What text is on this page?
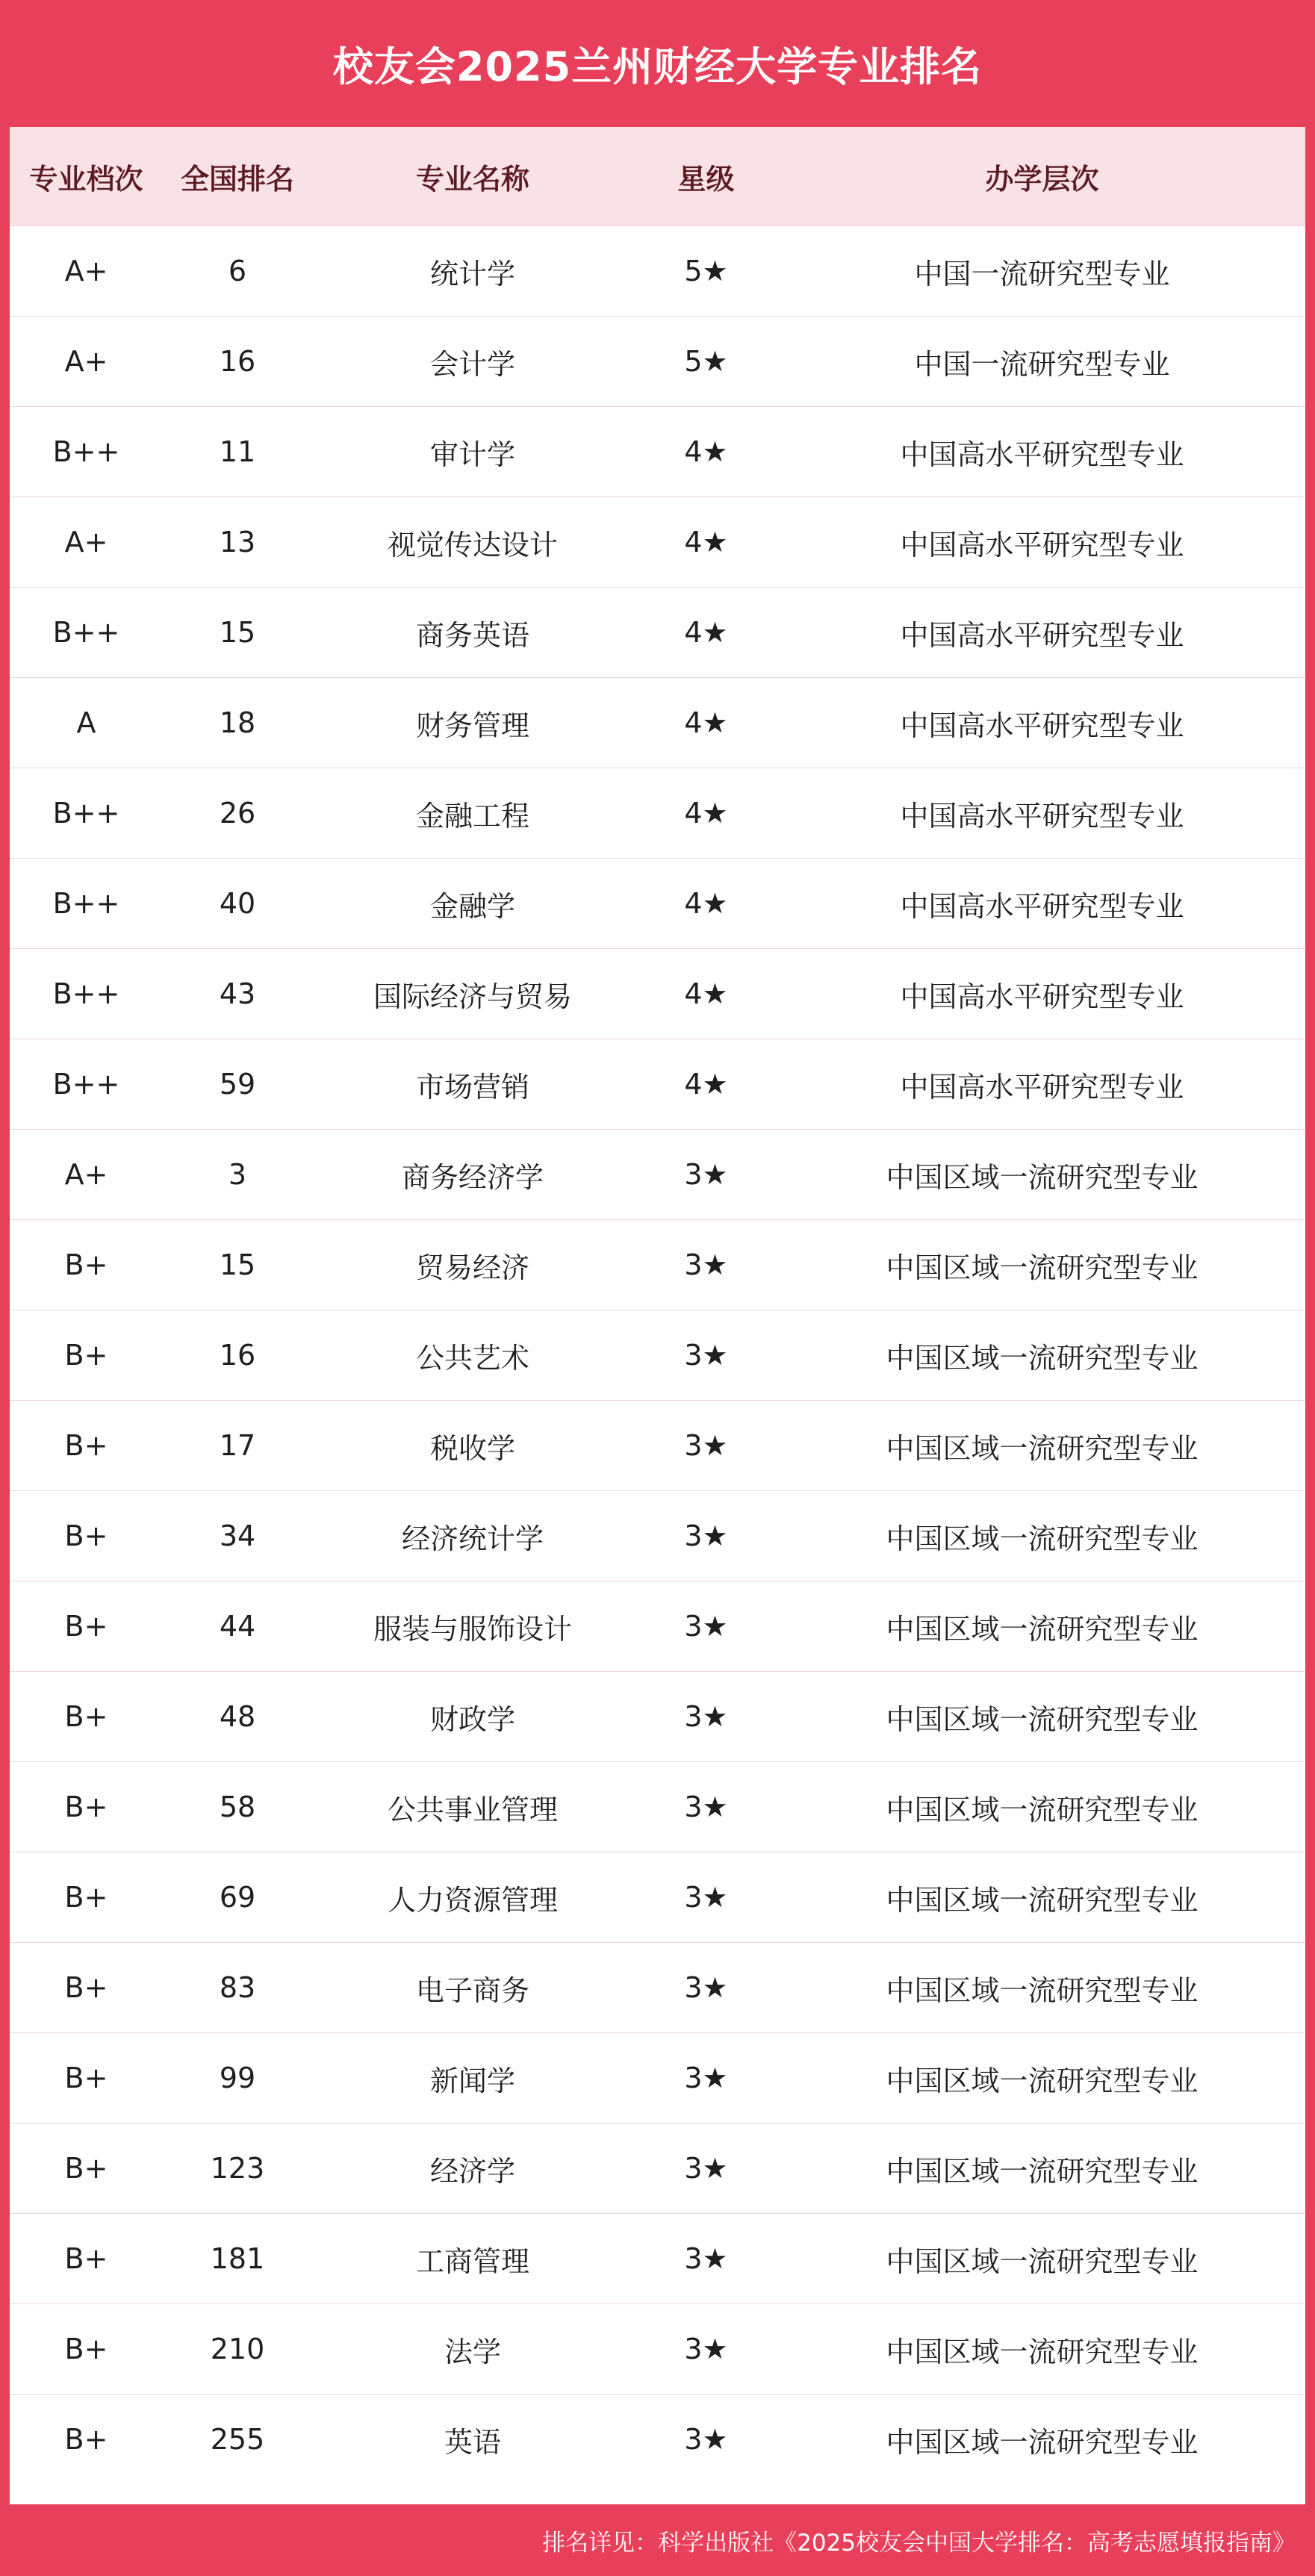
校友会2025兰州财经大学专业排名
专业档次	全国排名	专业名称	星级	办学层次
A+	6	统计学	5★	中国一流研究型专业
A+	16	会计学	5★	中国一流研究型专业
B++	11	审计学	4★	中国高水平研究型专业
A+	13	视觉传达设计	4★	中国高水平研究型专业
B++	15	商务英语	4★	中国高水平研究型专业
A	18	财务管理	4★	中国高水平研究型专业
B++	26	金融工程	4★	中国高水平研究型专业
B++	40	金融学	4★	中国高水平研究型专业
B++	43	国际经济与贸易	4★	中国高水平研究型专业
B++	59	市场营销	4★	中国高水平研究型专业
A+	3	商务经济学	3★	中国区域一流研究型专业
B+	15	贸易经济	3★	中国区域一流研究型专业
B+	16	公共艺术	3★	中国区域一流研究型专业
B+	17	税收学	3★	中国区域一流研究型专业
B+	34	经济统计学	3★	中国区域一流研究型专业
B+	44	服装与服饰设计	3★	中国区域一流研究型专业
B+	48	财政学	3★	中国区域一流研究型专业
B+	58	公共事业管理	3★	中国区域一流研究型专业
B+	69	人力资源管理	3★	中国区域一流研究型专业
B+	83	电子商务	3★	中国区域一流研究型专业
B+	99	新闻学	3★	中国区域一流研究型专业
B+	123	经济学	3★	中国区域一流研究型专业
B+	181	工商管理	3★	中国区域一流研究型专业
B+	210	法学	3★	中国区域一流研究型专业
B+	255	英语	3★	中国区域一流研究型专业
排名详见：科学出版社《2025校友会中国大学排名：高考志愿填报指南》
